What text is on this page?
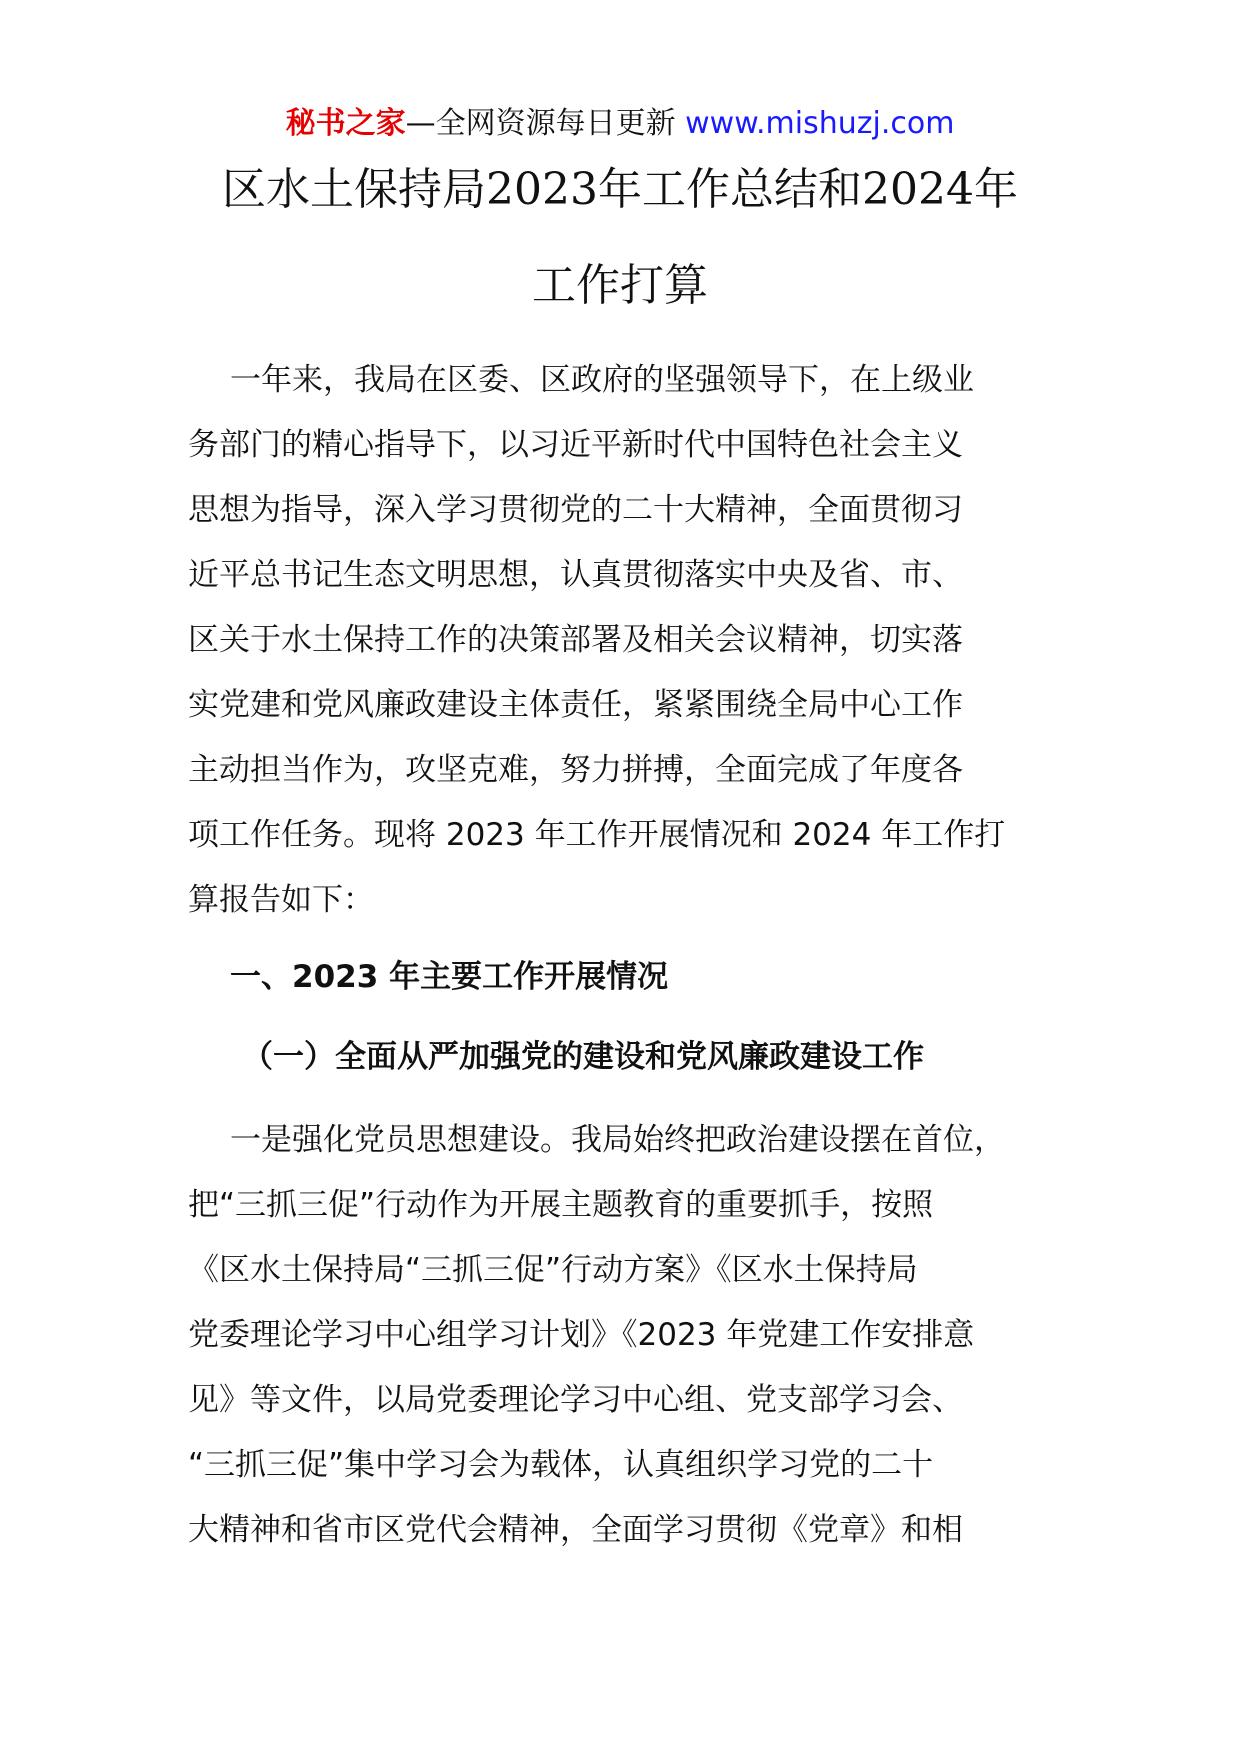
秘书之家—全网资源每日更新 www.mishuzj.com
区水土保持局2023年工作总结和2024年
工作打算
一年来，我局在区委、区政府的坚强领导下，在上级业
务部门的精心指导下，以习近平新时代中国特色社会主义
思想为指导，深入学习贯彻党的二十大精神，全面贯彻习
近平总书记生态文明思想，认真贯彻落实中央及省、市、
区关于水土保持工作的决策部署及相关会议精神，切实落
实党建和党风廉政建设主体责任，紧紧围绕全局中心工作
主动担当作为，攻坚克难，努力拼搏，全面完成了年度各
项工作任务。现将 2023 年工作开展情况和 2024 年工作打
算报告如下：
一、2023 年主要工作开展情况
（一）全面从严加强党的建设和党风廉政建设工作
一是强化党员思想建设。我局始终把政治建设摆在首位，
把“三抓三促”行动作为开展主题教育的重要抓手，按照
《区水土保持局“三抓三促”行动方案》《区水土保持局
党委理论学习中心组学习计划》《2023 年党建工作安排意
见》等文件，以局党委理论学习中心组、党支部学习会、
“三抓三促”集中学习会为载体，认真组织学习党的二十
大精神和省市区党代会精神，全面学习贯彻《党章》和相
